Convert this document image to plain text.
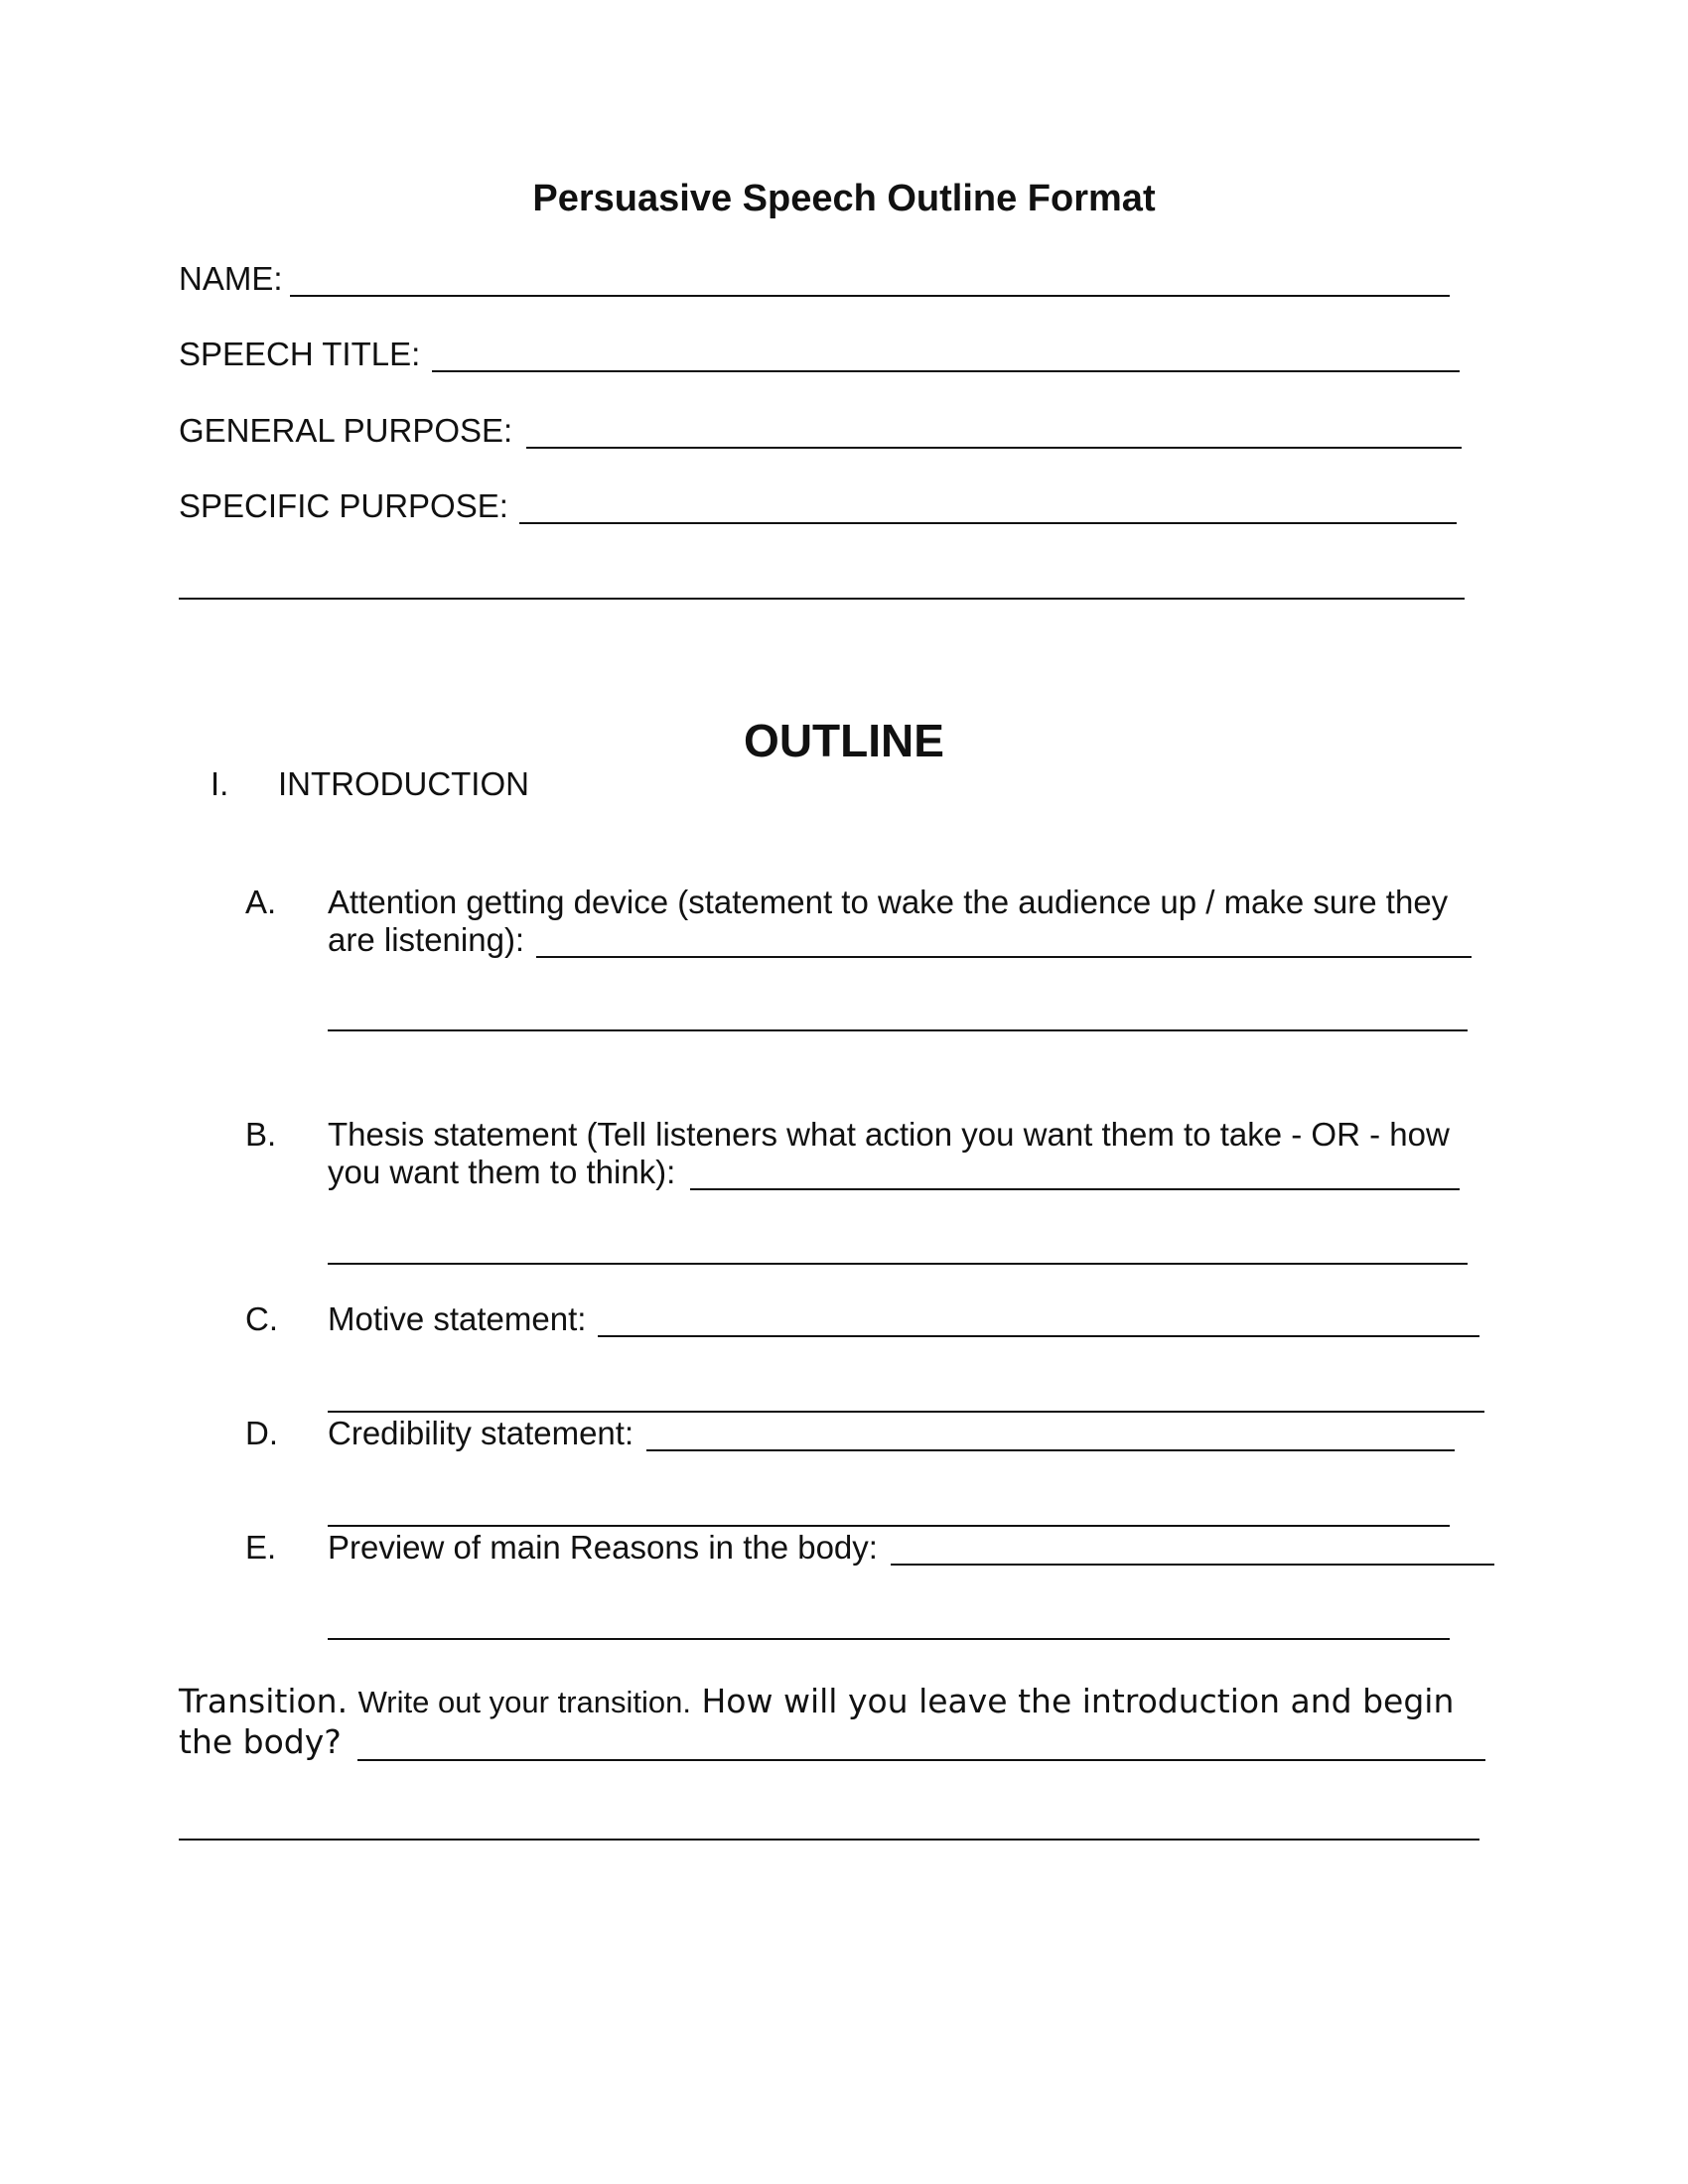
Persuasive Speech Outline Format
NAME:
SPEECH TITLE:
GENERAL PURPOSE:
SPECIFIC PURPOSE:
OUTLINE
I. INTRODUCTION
A. Attention getting device (statement to wake the audience up / make sure they
are listening):
B. Thesis statement (Tell listeners what action you want them to take - OR - how
you want them to think):
C. Motive statement:
D. Credibility statement:
E. Preview of main Reasons in the body:
Transition. Write out your transition. How will you leave the introduction and begin
the body?
